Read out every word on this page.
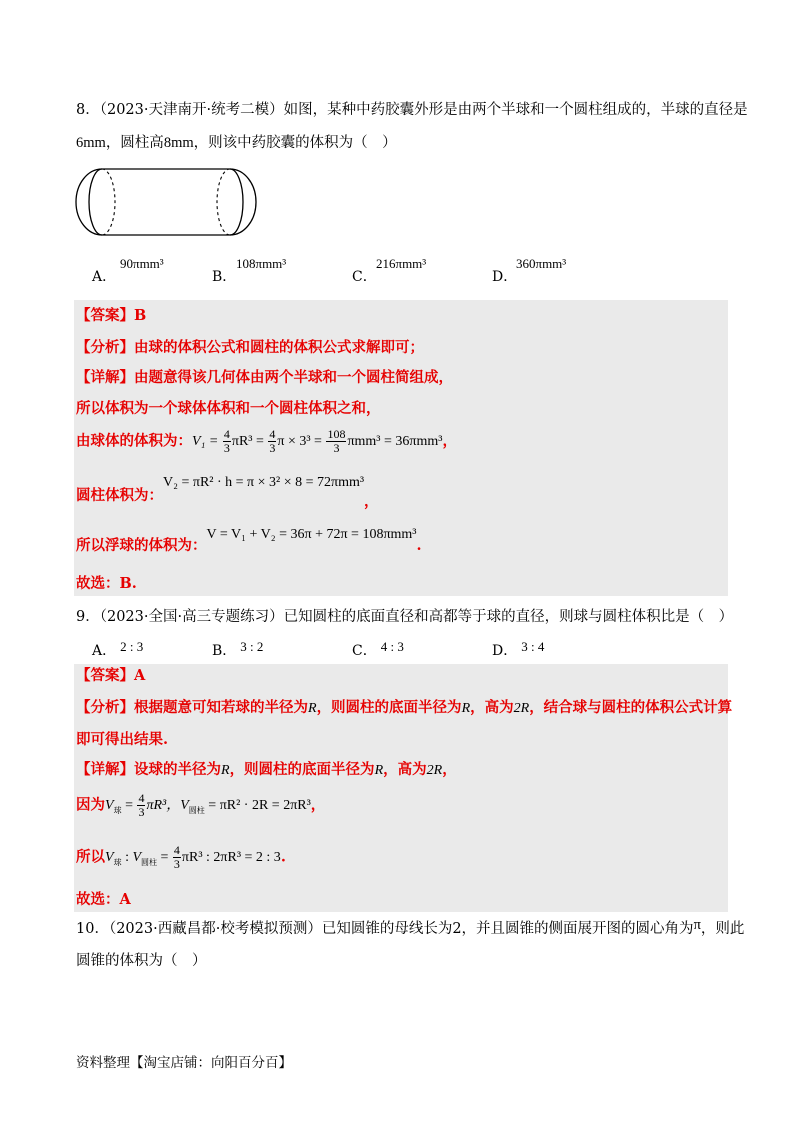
8．（2023·天津南开·统考二模）如图，某种中药胶囊外形是由两个半球和一个圆柱组成的，半球的直径是
6mm，圆柱高8mm，则该中药胶囊的体积为（　）
A．
90πmm³
B．
108πmm³
C．
216πmm³
D．
360πmm³
【答案】B
【分析】由球的体积公式和圆柱的体积公式求解即可；
【详解】由题意得该几何体由两个半球和一个圆柱简组成，
所以体积为一个球体体积和一个圆柱体积之和，
由球体的体积为：$V_1 = \frac{4}{3} \pi R^3 = \frac{4}{3}$ $\pi \times 3^3 = \frac{108}{3} \pi mm^3 = 36\pi mm^3$，
圆柱体积为：V₂ = πR² · h = π × 3² × 8 = 72πmm³，
所以浮球的体积为：V = V₁ + V₂ = 36π + 72π = 108πmm³.
故选：B.
9．（2023·全国·高三专题练习）已知圆柱的底面直径和高都等于球的直径，则球与圆柱体积比是（　）
A． 2 : 3	B． 3 : 2	C． 4 : 3	D． 3 : 4
【答案】A
【分析】根据题意可知若球的半径为R，则圆柱的底面半径为R，高为2R，结合球与圆柱的体积公式计算
即可得出结果.
【详解】设球的半径为R，则圆柱的底面半径为R，高为2R，
因为$V_球 = \frac{4}{3} \pi R^3$，$V_{圆柱} = \pi R^2 \cdot 2R = 2\pi R^3$，
所以$V_球$ : $V_{圆柱} = \frac{4}{3} \pi R^3$ : 2πR³ = 2 : 3.
故选：A
10．（2023·西藏昌都·校考模拟预测）已知圆锥的母线长为2，并且圆锥的侧面展开图的圆心角为π，则此
圆锥的体积为（　）
资料整理【淘宝店铺：向阳百分百】
